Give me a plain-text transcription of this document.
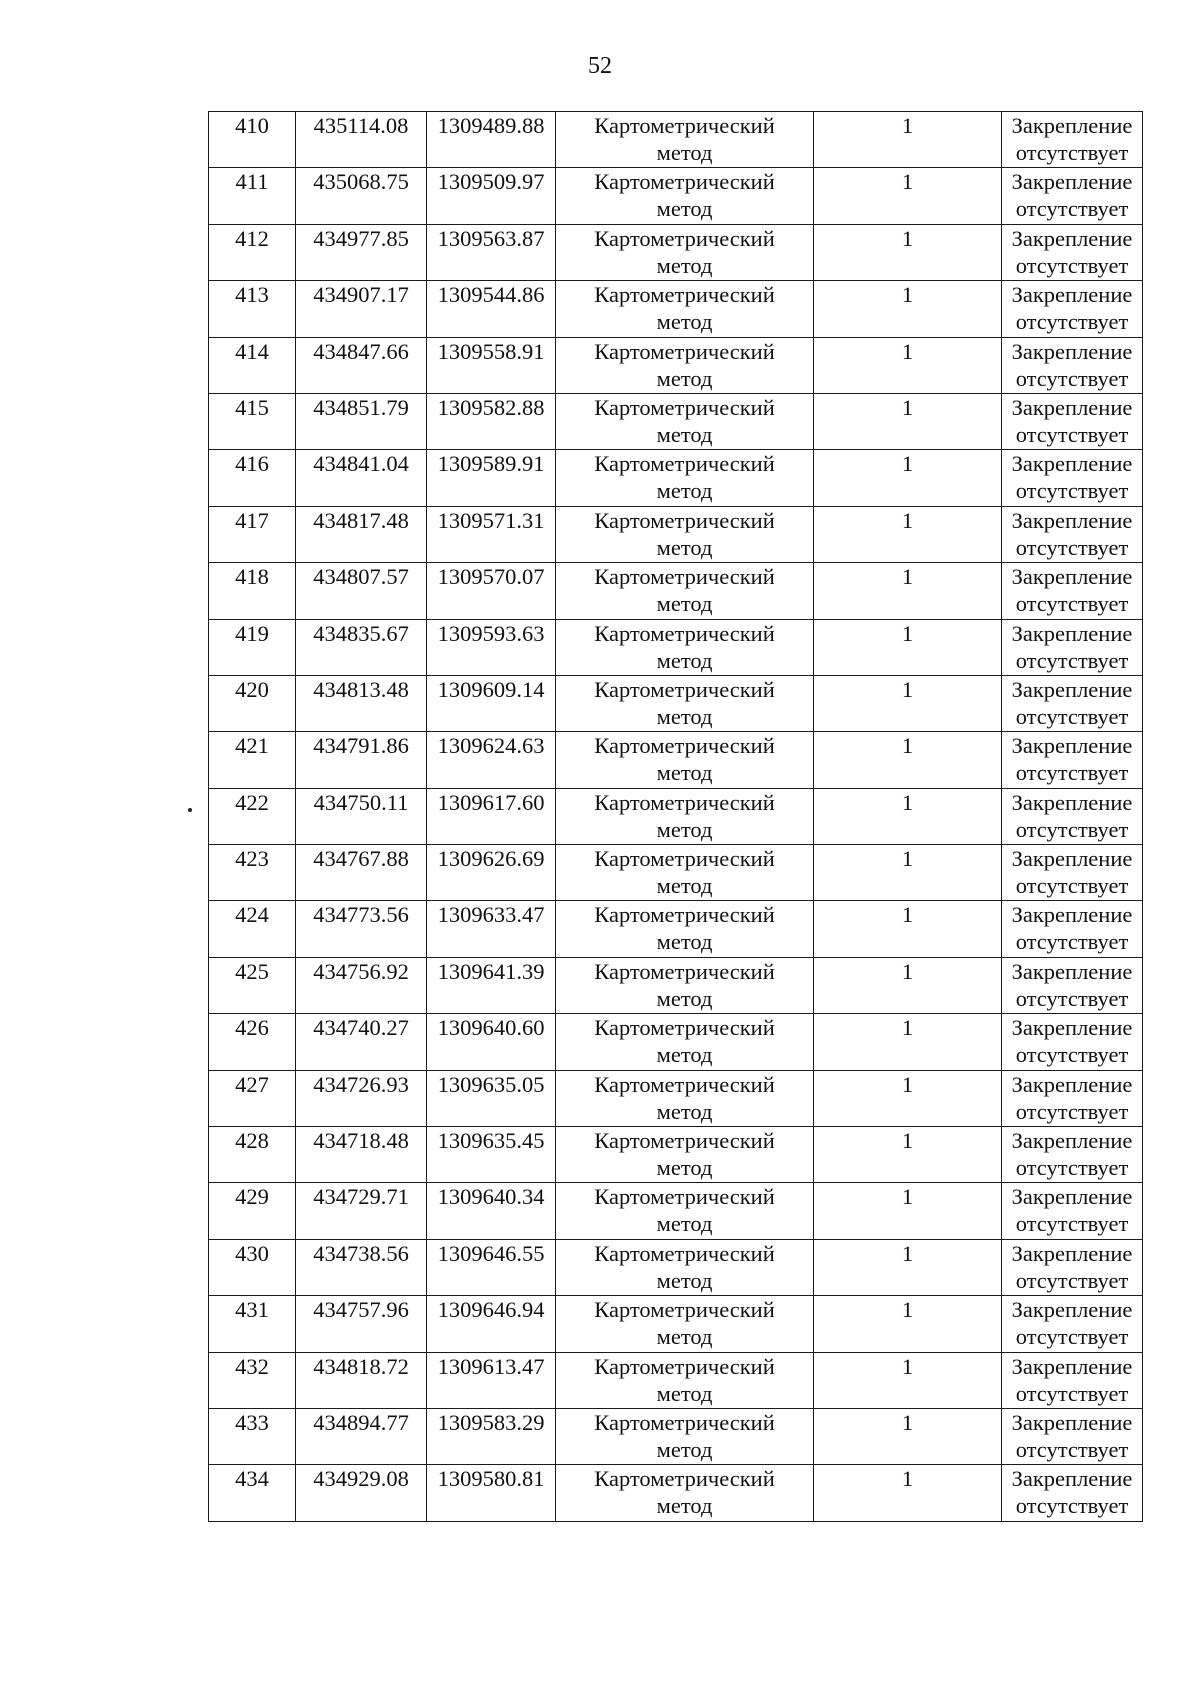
52
410	435114.08	1309489.88	Картометрический
метод	1	Закрепление
отсутствует

411	435068.75	1309509.97	Картометрический
метод	1	Закрепление
отсутствует

412	434977.85	1309563.87	Картометрический
метод	1	Закрепление
отсутствует

413	434907.17	1309544.86	Картометрический
метод	1	Закрепление
отсутствует

414	434847.66	1309558.91	Картометрический
метод	1	Закрепление
отсутствует

415	434851.79	1309582.88	Картометрический
метод	1	Закрепление
отсутствует

416	434841.04	1309589.91	Картометрический
метод	1	Закрепление
отсутствует

417	434817.48	1309571.31	Картометрический
метод	1	Закрепление
отсутствует

418	434807.57	1309570.07	Картометрический
метод	1	Закрепление
отсутствует

419	434835.67	1309593.63	Картометрический
метод	1	Закрепление
отсутствует

420	434813.48	1309609.14	Картометрический
метод	1	Закрепление
отсутствует

421	434791.86	1309624.63	Картометрический
метод	1	Закрепление
отсутствует

422	434750.11	1309617.60	Картометрический
метод	1	Закрепление
отсутствует

423	434767.88	1309626.69	Картометрический
метод	1	Закрепление
отсутствует

424	434773.56	1309633.47	Картометрический
метод	1	Закрепление
отсутствует

425	434756.92	1309641.39	Картометрический
метод	1	Закрепление
отсутствует

426	434740.27	1309640.60	Картометрический
метод	1	Закрепление
отсутствует

427	434726.93	1309635.05	Картометрический
метод	1	Закрепление
отсутствует

428	434718.48	1309635.45	Картометрический
метод	1	Закрепление
отсутствует

429	434729.71	1309640.34	Картометрический
метод	1	Закрепление
отсутствует

430	434738.56	1309646.55	Картометрический
метод	1	Закрепление
отсутствует

431	434757.96	1309646.94	Картометрический
метод	1	Закрепление
отсутствует

432	434818.72	1309613.47	Картометрический
метод	1	Закрепление
отсутствует

433	434894.77	1309583.29	Картометрический
метод	1	Закрепление
отсутствует

434	434929.08	1309580.81	Картометрический
метод	1	Закрепление
отсутствует
